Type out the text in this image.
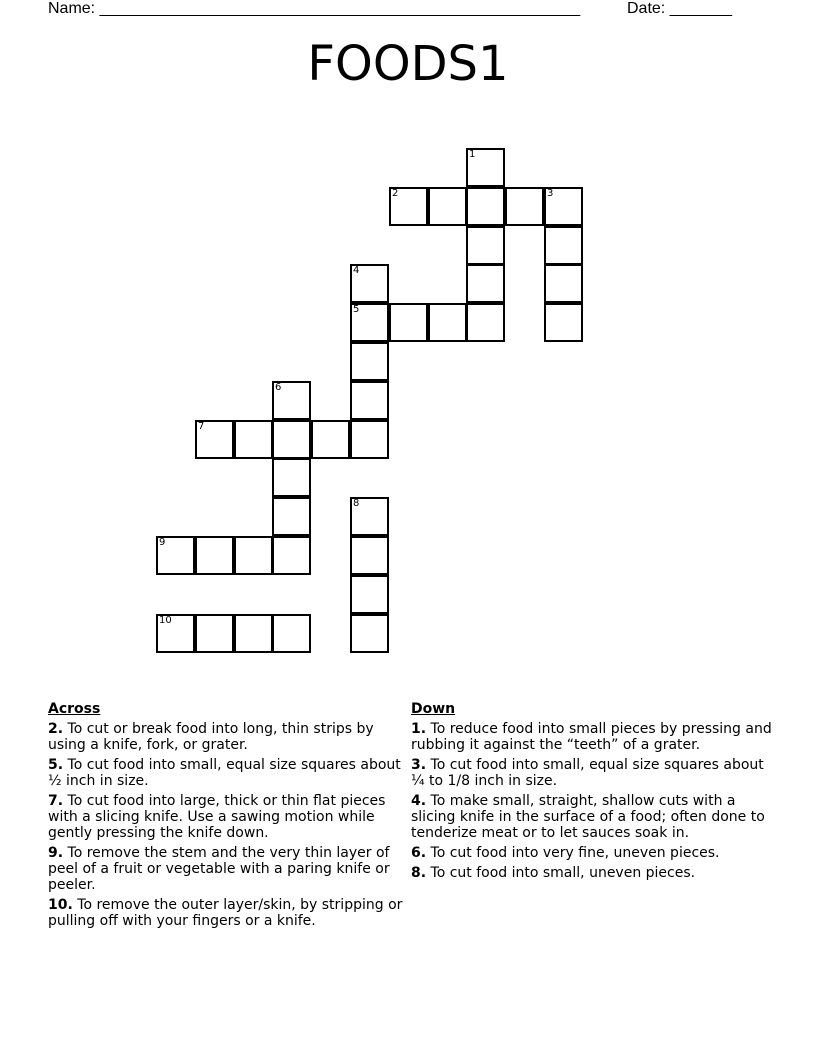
Name: ______________________________________________________

	Date: _______

FOODS1
1
2	3
4
5
6
7
8
9
10
Across
2. To cut or break food into long, thin strips by using a knife, fork, or grater.
5. To cut food into small, equal size squares about ½ inch in size.
7. To cut food into large, thick or thin flat pieces with a slicing knife. Use a sawing motion while gently pressing the knife down.
9. To remove the stem and the very thin layer of peel of a fruit or vegetable with a paring knife or peeler.
10. To remove the outer layer/skin, by stripping or pulling off with your fingers or a knife.
Down
1. To reduce food into small pieces by pressing and rubbing it against the “teeth” of a grater.
3. To cut food into small, equal size squares about ¼ to 1/8 inch in size.
4. To make small, straight, shallow cuts with a slicing knife in the surface of a food; often done to tenderize meat or to let sauces soak in.
6. To cut food into very fine, uneven pieces.
8. To cut food into small, uneven pieces.
